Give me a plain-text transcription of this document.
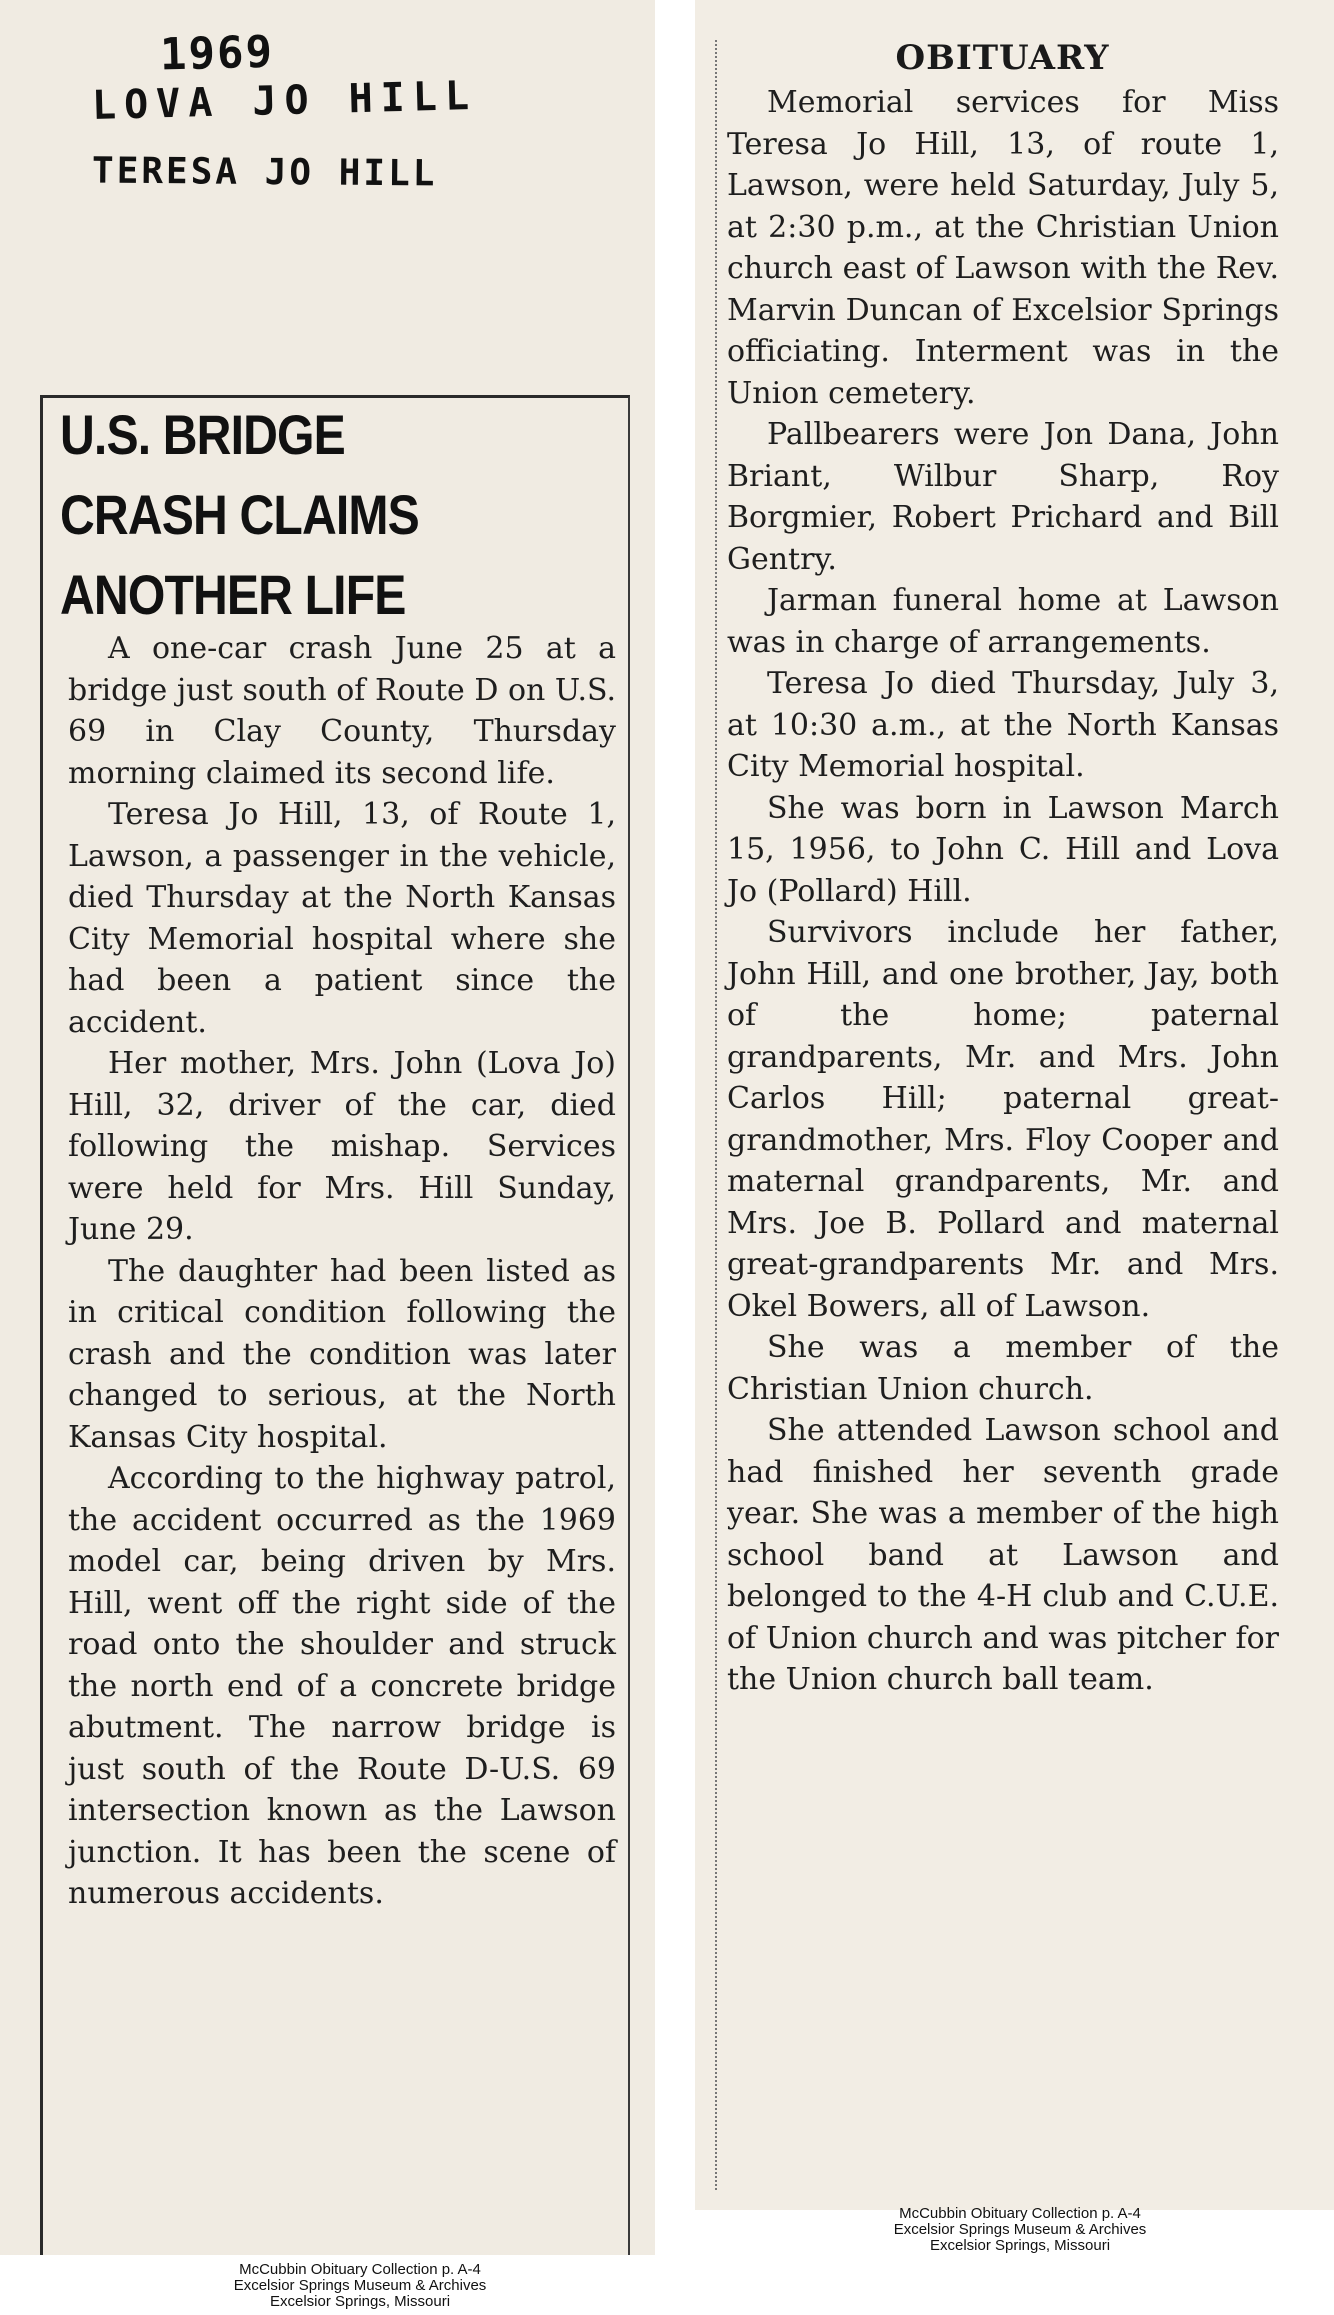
1969
LOVA JO HILL
TERESA JO HILL
U.S. BRIDGE
CRASH CLAIMS
ANOTHER LIFE

A one-car crash June 25 at a bridge just south of Route D on U.S. 69 in Clay County, Thursday morning claimed its second life.

Teresa Jo Hill, 13, of Route 1, Lawson, a passenger in the vehicle, died Thursday at the North Kansas City Memorial hospital where she had been a patient since the accident.

Her mother, Mrs. John (Lova Jo) Hill, 32, driver of the car, died following the mishap. Services were held for Mrs. Hill Sunday, June 29.

The daughter had been listed as in critical condition following the crash and the condition was later changed to serious, at the North Kansas City hospital.

According to the highway patrol, the accident occurred as the 1969 model car, being driven by Mrs. Hill, went off the right side of the road onto the shoulder and struck the north end of a concrete bridge abutment. The narrow bridge is just south of the Route D-U.S. 69 intersection known as the Lawson junction. It has been the scene of numerous accidents.

OBITUARY

Memorial services for Miss Teresa Jo Hill, 13, of route 1, Lawson, were held Saturday, July 5, at 2:30 p.m., at the Christian Union church east of Lawson with the Rev. Marvin Duncan of Excelsior Springs officiating. Interment was in the Union cemetery.

Pallbearers were Jon Dana, John Briant, Wilbur Sharp, Roy Borgmier, Robert Prichard and Bill Gentry.

Jarman funeral home at Lawson was in charge of arrangements.

Teresa Jo died Thursday, July 3, at 10:30 a.m., at the North Kansas City Memorial hospital.

She was born in Lawson March 15, 1956, to John C. Hill and Lova Jo (Pollard) Hill.

Survivors include her father, John Hill, and one brother, Jay, both of the home; paternal grandparents, Mr. and Mrs. John Carlos Hill; paternal great-grandmother, Mrs. Floy Cooper and maternal grandparents, Mr. and Mrs. Joe B. Pollard and maternal great-grandparents Mr. and Mrs. Okel Bowers, all of Lawson.

She was a member of the Christian Union church.

She attended Lawson school and had finished her seventh grade year. She was a member of the high school band at Lawson and belonged to the 4-H club and C.U.E. of Union church and was pitcher for the Union church ball team.

McCubbin Obituary Collection p. A-4
Excelsior Springs Museum & Archives
Excelsior Springs, Missouri
McCubbin Obituary Collection p. A-4
Excelsior Springs Museum & Archives
Excelsior Springs, Missouri
